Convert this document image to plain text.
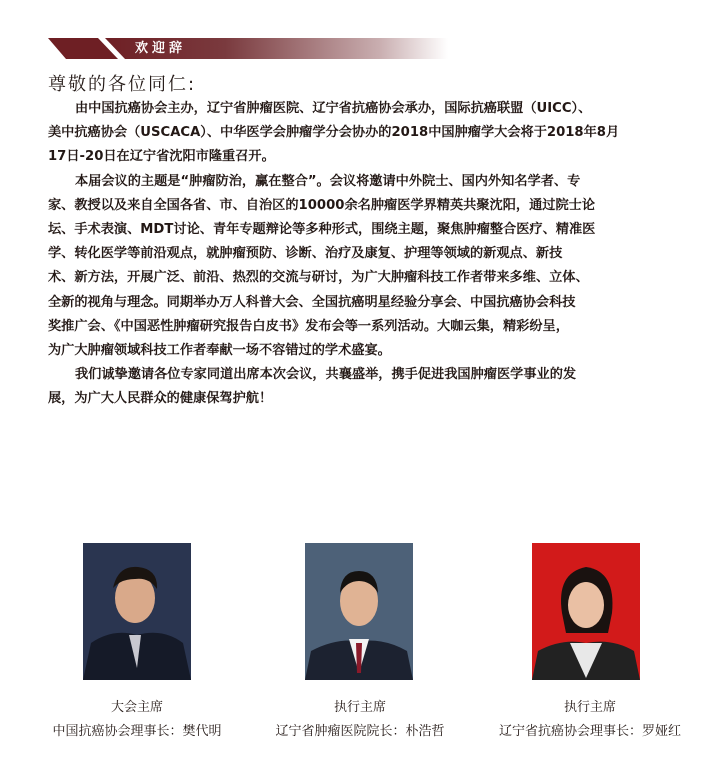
欢迎辞
尊敬的各位同仁:
由中国抗癌协会主办，辽宁省肿瘤医院、辽宁省抗癌协会承办，国际抗癌联盟（UICC）、
美中抗癌协会（USCACA）、中华医学会肿瘤学分会协办的2018中国肿瘤学大会将于2018年8月
17日-20日在辽宁省沈阳市隆重召开。
本届会议的主题是“肿瘤防治，赢在整合”。会议将邀请中外院士、国内外知名学者、专
家、教授以及来自全国各省、市、自治区的10000余名肿瘤医学界精英共聚沈阳，通过院士论
坛、手术表演、MDT讨论、青年专题辩论等多种形式，围绕主题，聚焦肿瘤整合医疗、精准医
学、转化医学等前沿观点，就肿瘤预防、诊断、治疗及康复、护理等领域的新观点、新技
术、新方法，开展广泛、前沿、热烈的交流与研讨，为广大肿瘤科技工作者带来多维、立体、
全新的视角与理念。同期举办万人科普大会、全国抗癌明星经验分享会、中国抗癌协会科技
奖推广会、《中国恶性肿瘤研究报告白皮书》发布会等一系列活动。大咖云集，精彩纷呈，
为广大肿瘤领域科技工作者奉献一场不容错过的学术盛宴。
我们诚挚邀请各位专家同道出席本次会议，共襄盛举，携手促进我国肿瘤医学事业的发
展，为广大人民群众的健康保驾护航！
大会主席
中国抗癌协会理事长：樊代明
执行主席
辽宁省肿瘤医院院长：朴浩哲
执行主席
辽宁省抗癌协会理事长：罗娅红
